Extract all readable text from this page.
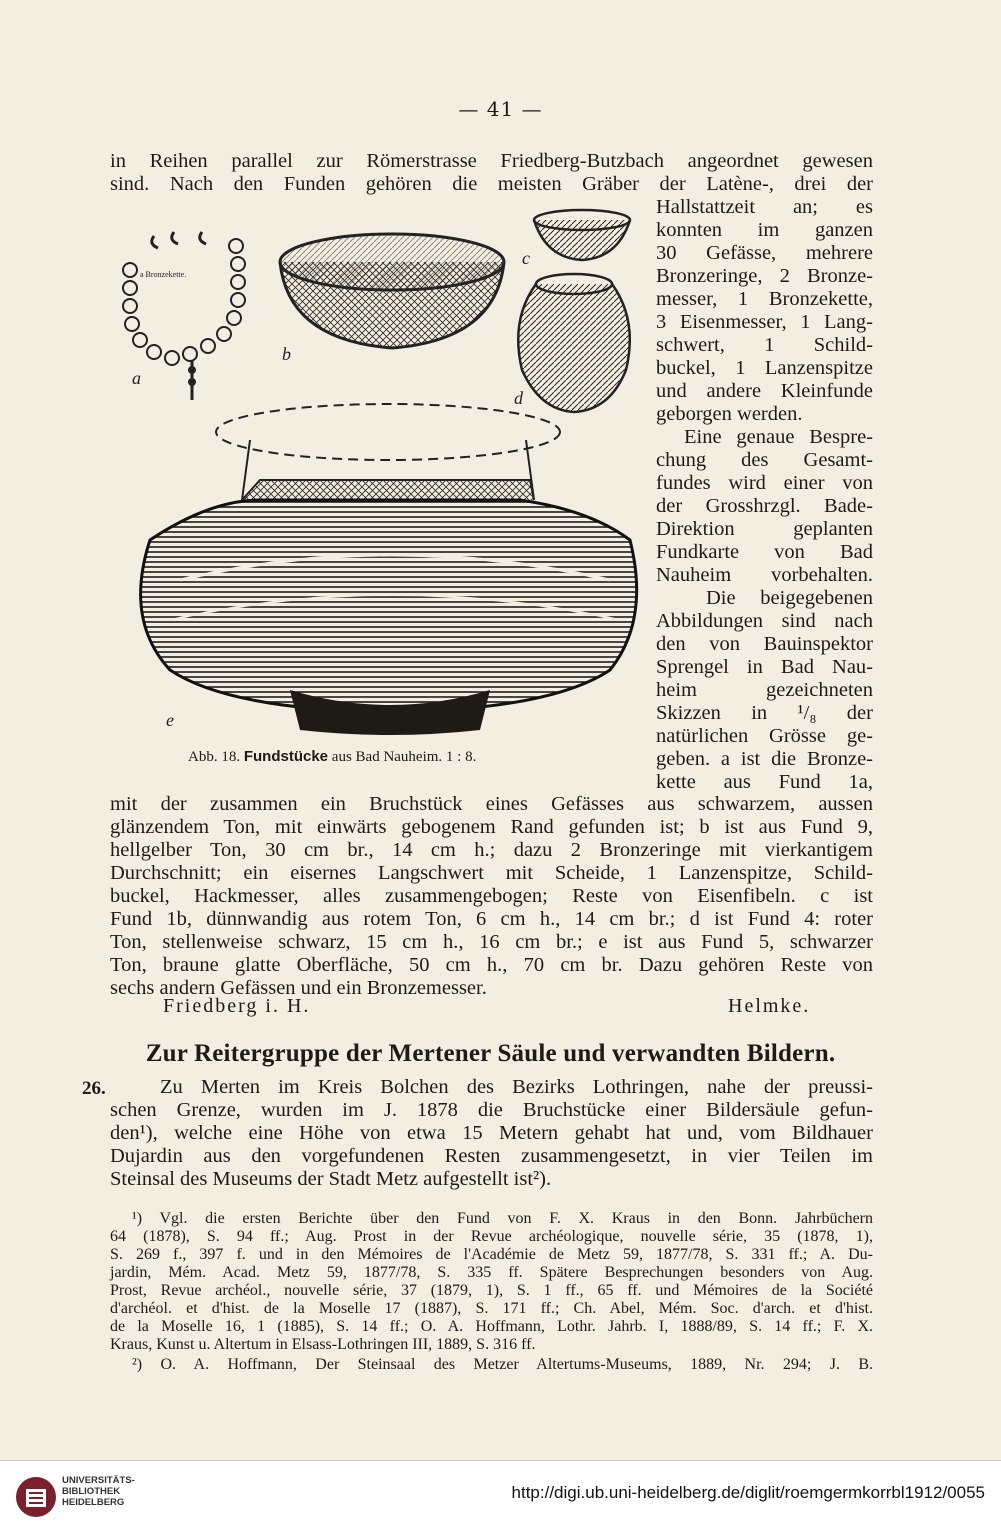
— 41 —
in Reihen parallel zur Römerstrasse Friedberg-Butzbach angeordnet gewesen
sind. Nach den Funden gehören die meisten Gräber der Latène-, drei der
Hallstattzeit an; es
konnten im ganzen
30 Gefässe, mehrere
Bronzeringe, 2 Bronze-
messer, 1 Bronzekette,
3 Eisenmesser, 1 Lang-
schwert, 1 Schild-
buckel, 1 Lanzenspitze
und andere Kleinfunde
geborgen werden.
Eine genaue Bespre-
chung des Gesamt-
fundes wird einer von
der Grosshrzgl. Bade-
Direktion geplanten
Fundkarte von Bad
Nauheim vorbehalten.
Die beigegebenen
Abbildungen sind nach
den von Bauinspektor
Sprengel in Bad Nau-
heim gezeichneten
Skizzen in ¹/₈ der
natürlichen Grösse ge-
geben. a ist die Bronze-
kette aus Fund 1a,
a Bronzekette.
a
b
c
d
e
Abb. 18. Fundstücke aus Bad Nauheim. 1 : 8.
mit der zusammen ein Bruchstück eines Gefässes aus schwarzem, aussen
glänzendem Ton, mit einwärts gebogenem Rand gefunden ist; b ist aus Fund 9,
hellgelber Ton, 30 cm br., 14 cm h.; dazu 2 Bronzeringe mit vierkantigem
Durchschnitt; ein eisernes Langschwert mit Scheide, 1 Lanzenspitze, Schild-
buckel, Hackmesser, alles zusammengebogen; Reste von Eisenfibeln. c ist
Fund 1b, dünnwandig aus rotem Ton, 6 cm h., 14 cm br.; d ist Fund 4: roter
Ton, stellenweise schwarz, 15 cm h., 16 cm br.; e ist aus Fund 5, schwarzer
Ton, braune glatte Oberfläche, 50 cm h., 70 cm br. Dazu gehören Reste von
sechs andern Gefässen und ein Bronzemesser.
Friedberg i. H.	Helmke.
Zur Reitergruppe der Mertener Säule und verwandten Bildern.
26.	Zu Merten im Kreis Bolchen des Bezirks Lothringen, nahe der preussi-
schen Grenze, wurden im J. 1878 die Bruchstücke einer Bildersäule gefun-
den¹), welche eine Höhe von etwa 15 Metern gehabt hat und, vom Bildhauer
Dujardin aus den vorgefundenen Resten zusammengesetzt, in vier Teilen im
Steinsal des Museums der Stadt Metz aufgestellt ist²).
¹) Vgl. die ersten Berichte über den Fund von F. X. Kraus in den Bonn. Jahrbüchern
64 (1878), S. 94 ff.; Aug. Prost in der Revue archéologique, nouvelle série, 35 (1878, 1),
S. 269 f., 397 f. und in den Mémoires de l'Académie de Metz 59, 1877/78, S. 331 ff.; A. Du-
jardin, Mém. Acad. Metz 59, 1877/78, S. 335 ff. Spätere Besprechungen besonders von Aug.
Prost, Revue archéol., nouvelle série, 37 (1879, 1), S. 1 ff., 65 ff. und Mémoires de la Société
d'archéol. et d'hist. de la Moselle 17 (1887), S. 171 ff.; Ch. Abel, Mém. Soc. d'arch. et d'hist.
de la Moselle 16, 1 (1885), S. 14 ff.; O. A. Hoffmann, Lothr. Jahrb. I, 1888/89, S. 14 ff.; F. X.
Kraus, Kunst u. Altertum in Elsass-Lothringen III, 1889, S. 316 ff.
²) O. A. Hoffmann, Der Steinsaal des Metzer Altertums-Museums, 1889, Nr. 294; J. B.
UNIVERSITÄTS-
BIBLIOTHEK
HEIDELBERG
http://digi.ub.uni-heidelberg.de/diglit/roemgermkorrbl1912/0055
